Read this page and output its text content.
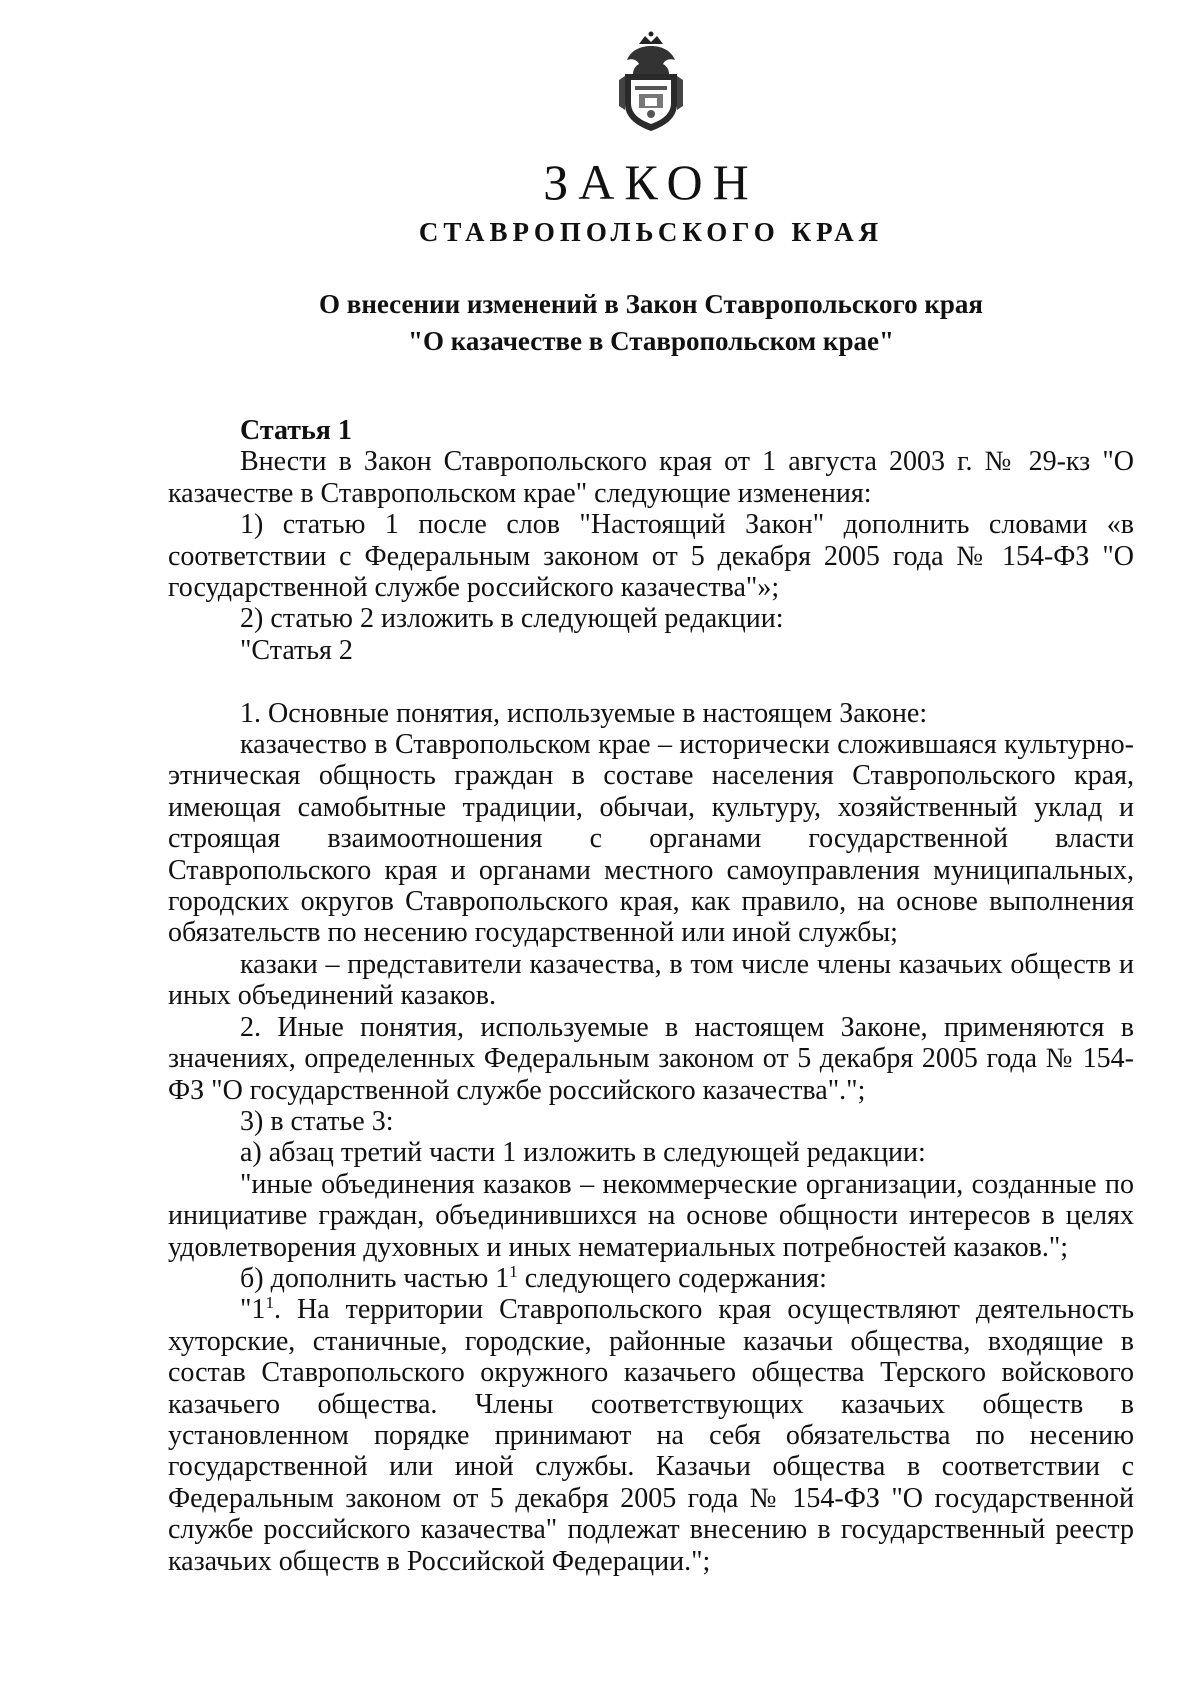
ЗАКОН
СТАВРОПОЛЬСКОГО КРАЯ
О внесении изменений в Закон Ставропольского края
"О казачестве в Ставропольском крае"

Статья 1

Внести в Закон Ставропольского края от 1 августа 2003 г. № 29-кз "О казачестве в Ставропольском крае" следующие изменения:

1) статью 1 после слов "Настоящий Закон" дополнить словами «в соответствии с Федеральным законом от 5 декабря 2005 года № 154-ФЗ "О государственной службе российского казачества"»;

2) статью 2 изложить в следующей редакции:

"Статья 2

1. Основные понятия, используемые в настоящем Законе:

казачество в Ставропольском крае – исторически сложившаяся культурно-этническая общность граждан в составе населения Ставропольского края, имеющая самобытные традиции, обычаи, культуру, хозяйственный уклад и строящая взаимоотношения с органами государственной власти Ставропольского края и органами местного самоуправления муниципальных, городских округов Ставропольского края, как правило, на основе выполнения обязательств по несению государственной или иной службы;

казаки – представители казачества, в том числе члены казачьих обществ и иных объединений казаков.

2. Иные понятия, используемые в настоящем Законе, применяются в значениях, определенных Федеральным законом от 5 декабря 2005 года № 154-ФЗ "О государственной службе российского казачества".";

3) в статье 3:

а) абзац третий части 1 изложить в следующей редакции:

"иные объединения казаков – некоммерческие организации, созданные по инициативе граждан, объединившихся на основе общности интересов в целях удовлетворения духовных и иных нематериальных потребностей казаков.";

б) дополнить частью $1^1$ следующего содержания:

"$1^1$. На территории Ставропольского края осуществляют деятельность хуторские, станичные, городские, районные казачьи общества, входящие в состав Ставропольского окружного казачьего общества Терского войскового казачьего общества. Члены соответствующих казачьих обществ в установленном порядке принимают на себя обязательства по несению государственной или иной службы. Казачьи общества в соответствии с Федеральным законом от 5 декабря 2005 года № 154-ФЗ "О государственной службе российского казачества" подлежат внесению в государственный реестр казачьих обществ в Российской Федерации.";
